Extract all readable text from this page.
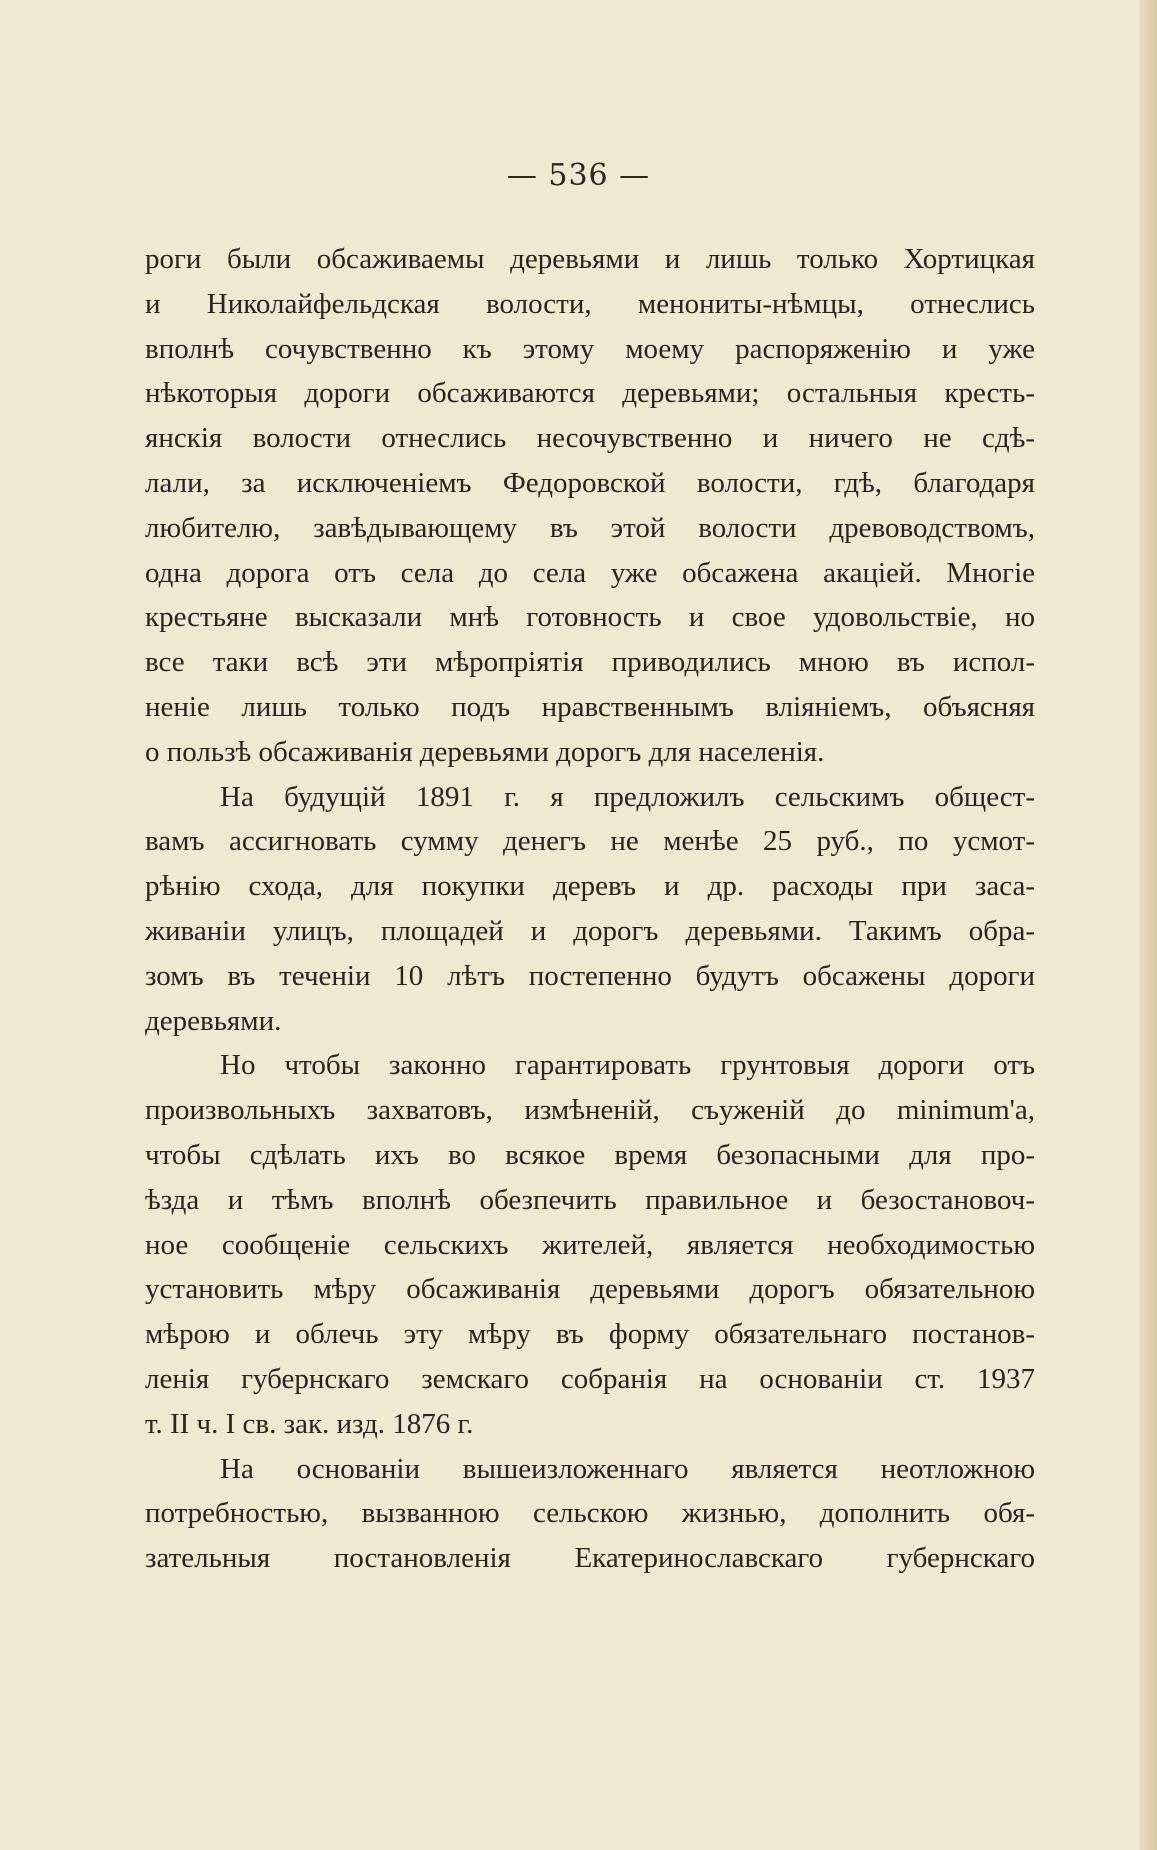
— 536 —
роги были обсаживаемы деревьями и лишь только Хортицкая
и Николайфельдская волости, менониты-нѣмцы, отнеслись
вполнѣ сочувственно къ этому моему распоряженію и уже
нѣкоторыя дороги обсаживаются деревьями; остальныя кресть-
янскія волости отнеслись несочувственно и ничего не сдѣ-
лали, за исключеніемъ Федоровской волости, гдѣ, благодаря
любителю, завѣдывающему въ этой волости древоводствомъ,
одна дорога отъ села до села уже обсажена акаціей. Многіе
крестьяне высказали мнѣ готовность и свое удовольствіе, но
все таки всѣ эти мѣропріятія приводились мною въ испол-
неніе лишь только подъ нравственнымъ вліяніемъ, объясняя
о пользѣ обсаживанія деревьями дорогъ для населенія.
На будущій 1891 г. я предложилъ сельскимъ общест-
вамъ ассигновать сумму денегъ не менѣе 25 руб., по усмот-
рѣнію схода, для покупки деревъ и др. расходы при заса-
живаніи улицъ, площадей и дорогъ деревьями. Такимъ обра-
зомъ въ теченіи 10 лѣтъ постепенно будутъ обсажены дороги
деревьями.
Но чтобы законно гарантировать грунтовыя дороги отъ
произвольныхъ захватовъ, измѣненій, съуженій до minimum'а,
чтобы сдѣлать ихъ во всякое время безопасными для про-
ѣзда и тѣмъ вполнѣ обезпечить правильное и безостановоч-
ное сообщеніе сельскихъ жителей, является необходимостью
установить мѣру обсаживанія деревьями дорогъ обязательною
мѣрою и облечь эту мѣру въ форму обязательнаго постанов-
ленія губернскаго земскаго собранія на основаніи ст. 1937
т. II ч. I св. зак. изд. 1876 г.
На основаніи вышеизложеннаго является неотложною
потребностью, вызванною сельскою жизнью, дополнить обя-
зательныя постановленія Екатеринославскаго губернскаго
